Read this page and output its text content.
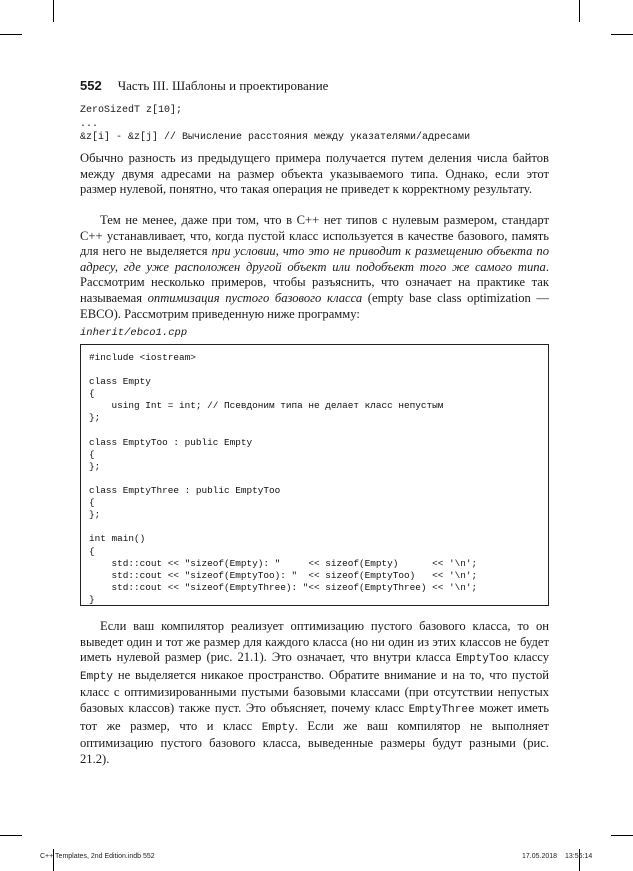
552 Часть III. Шаблоны и проектирование
ZeroSizedT z[10];
...
&z[i] - &z[j] // Вычисление расстояния между указателями/адресами

Обычно разность из предыдущего примера получается путем деления числа байтов между двумя адресами на размер объекта указываемого типа. Однако, если этот размер нулевой, понятно, что такая операция не приведет к корректному результату.

Тем не менее, даже при том, что в C++ нет типов с нулевым размером, стандарт C++ устанавливает, что, когда пустой класс используется в качестве базового, память для него не выделяется при условии, что это не приводит к размещению объекта по адресу, где уже расположен другой объект или подобъект того же самого типа. Рассмотрим несколько примеров, чтобы разъяснить, что означает на практике так называемая оптимизация пустого базового класса (empty base class optimization — EBCO). Рассмотрим приведенную ниже программу:

inherit/ebco1.cpp
#include <iostream>

class Empty
{
using Int = int; // Псевдоним типа не делает класс непустым
};

class EmptyToo : public Empty
{
};

class EmptyThree : public EmptyToo
{
};

int main()
{
std::cout << "sizeof(Empty): "     << sizeof(Empty)      << '\n';
std::cout << "sizeof(EmptyToo): "  << sizeof(EmptyToo)   << '\n';
std::cout << "sizeof(EmptyThree): "<< sizeof(EmptyThree) << '\n';
}

Если ваш компилятор реализует оптимизацию пустого базового класса, то он выведет один и тот же размер для каждого класса (но ни один из этих классов не будет иметь нулевой размер (рис. 21.1). Это означает, что внутри класса EmptyToo классу Empty не выделяется никакое пространство. Обратите внимание и на то, что пустой класс с оптимизированными пустыми базовыми классами (при отсутствии непустых базовых классов) также пуст. Это объясняет, почему класс EmptyThree может иметь тот же размер, что и класс Empty. Если же ваш компилятор не выполняет оптимизацию пустого базового класса, выведенные размеры будут разными (рис. 21.2).

C++ Templates, 2nd Edition.indb 552	17.05.2018 13:56:14
